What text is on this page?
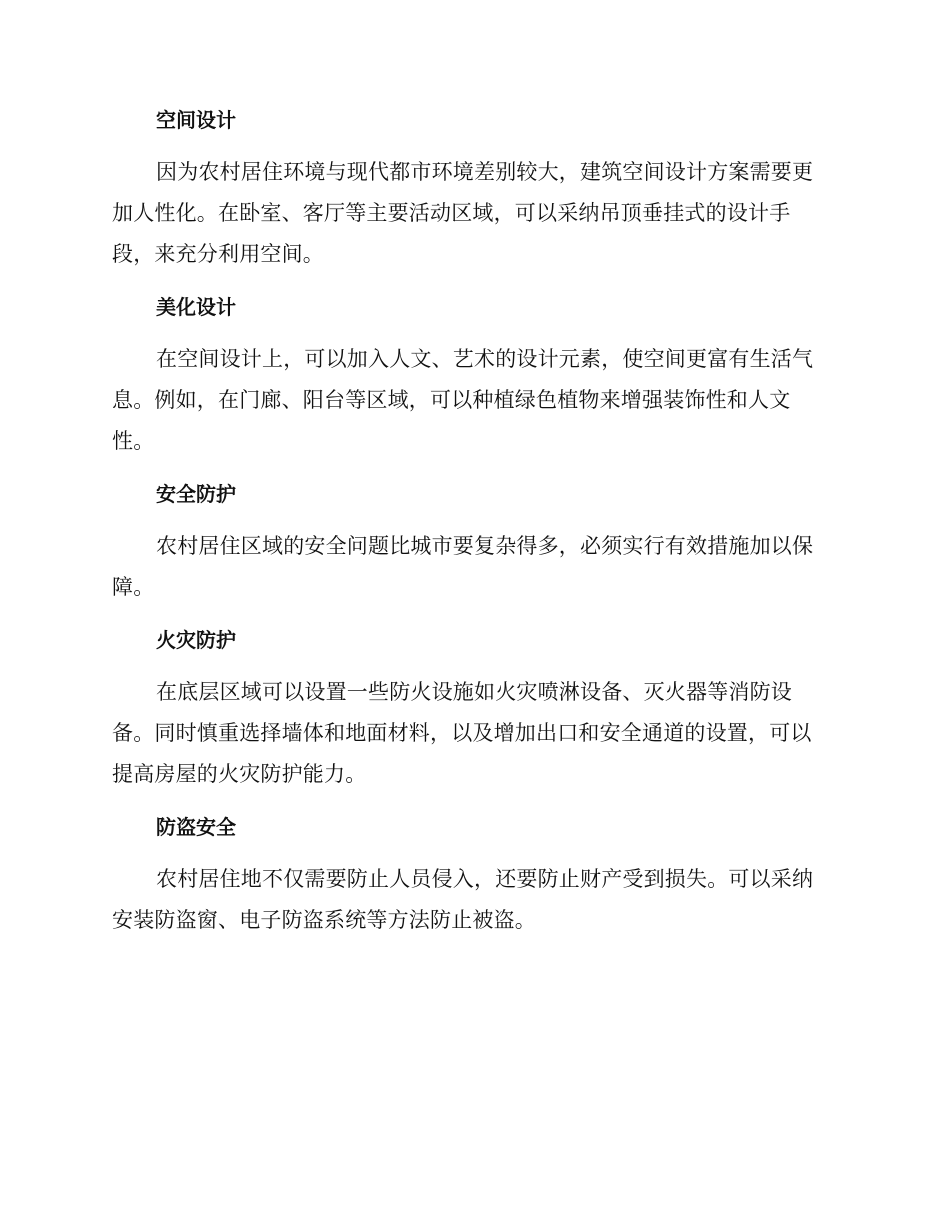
空间设计
因为农村居住环境与现代都市环境差别较大，建筑空间设计方案需要更加人性化。在卧室、客厅等主要活动区域，可以采纳吊顶垂挂式的设计手段，来充分利用空间。
美化设计
在空间设计上，可以加入人文、艺术的设计元素，使空间更富有生活气息。例如，在门廊、阳台等区域，可以种植绿色植物来增强装饰性和人文性。
安全防护
农村居住区域的安全问题比城市要复杂得多，必须实行有效措施加以保障。
火灾防护
在底层区域可以设置一些防火设施如火灾喷淋设备、灭火器等消防设备。同时慎重选择墙体和地面材料，以及增加出口和安全通道的设置，可以提高房屋的火灾防护能力。
防盗安全
农村居住地不仅需要防止人员侵入，还要防止财产受到损失。可以采纳安装防盗窗、电子防盗系统等方法防止被盗。
